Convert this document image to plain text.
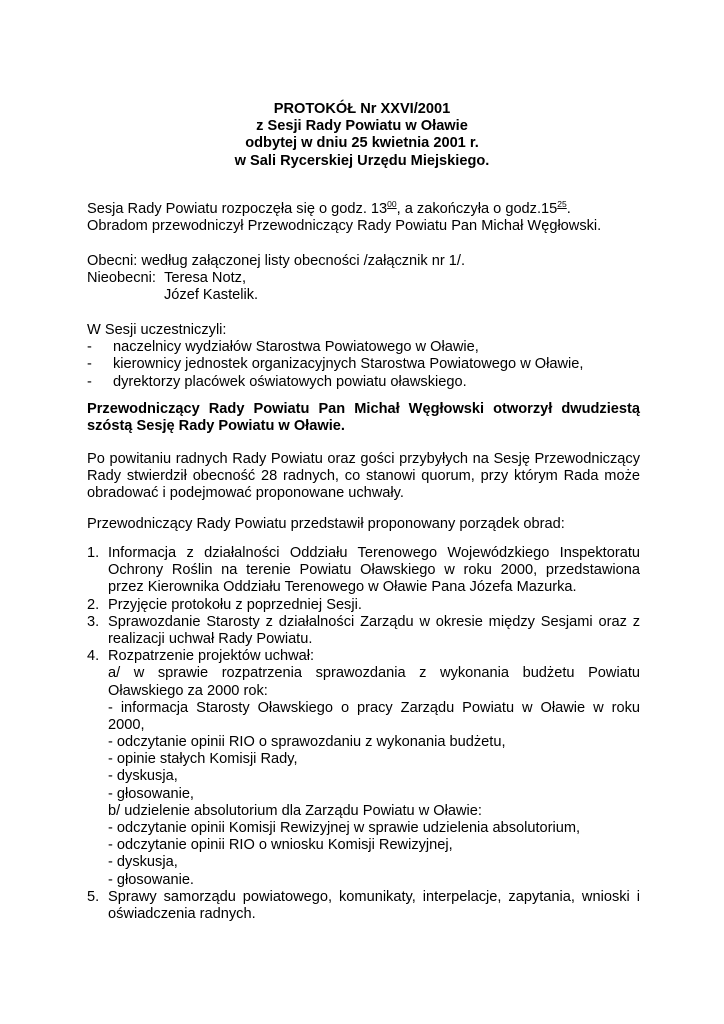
PROTOKÓŁ Nr XXVI/2001
z Sesji Rady Powiatu w Oławie
odbytej w dniu 25 kwietnia 2001 r.
w Sali Rycerskiej Urzędu Miejskiego.
Sesja Rady Powiatu rozpoczęła się o godz. $13^{00}$, a zakończyła o $godz.15^{25}$.
Obradom przewodniczył Przewodniczący Rady Powiatu Pan Michał Węgłowski.
Obecni: według załączonej listy obecności /załącznik nr 1/.
Nieobecni: Teresa Notz,
Józef Kastelik.
W Sesji uczestniczyli:
- naczelnicy wydziałów Starostwa Powiatowego w Oławie,
- kierownicy jednostek organizacyjnych Starostwa Powiatowego w Oławie,
- dyrektorzy placówek oświatowych powiatu oławskiego.
Przewodniczący Rady Powiatu Pan Michał Węgłowski otworzył dwudziestą
szóstą Sesję Rady Powiatu w Oławie.
Po powitaniu radnych Rady Powiatu oraz gości przybyłych na Sesję Przewodniczący
Rady stwierdził obecność 28 radnych, co stanowi quorum, przy którym Rada może
obradować i podejmować proponowane uchwały.
Przewodniczący Rady Powiatu przedstawił proponowany porządek obrad:
1. Informacja z działalności Oddziału Terenowego Wojewódzkiego Inspektoratu
Ochrony Roślin na terenie Powiatu Oławskiego w roku 2000, przedstawiona
przez Kierownika Oddziału Terenowego w Oławie Pana Józefa Mazurka.
2. Przyjęcie protokołu z poprzedniej Sesji.
3. Sprawozdanie Starosty z działalności Zarządu w okresie między Sesjami oraz z
realizacji uchwał Rady Powiatu.
4. Rozpatrzenie projektów uchwał:
a/ w sprawie rozpatrzenia sprawozdania z wykonania budżetu Powiatu
Oławskiego za 2000 rok:
- informacja Starosty Oławskiego o pracy Zarządu Powiatu w Oławie w roku
2000,
- odczytanie opinii RIO o sprawozdaniu z wykonania budżetu,
- opinie stałych Komisji Rady,
- dyskusja,
- głosowanie,
b/ udzielenie absolutorium dla Zarządu Powiatu w Oławie:
- odczytanie opinii Komisji Rewizyjnej w sprawie udzielenia absolutorium,
- odczytanie opinii RIO o wniosku Komisji Rewizyjnej,
- dyskusja,
- głosowanie.
5. Sprawy samorządu powiatowego, komunikaty, interpelacje, zapytania, wnioski i
oświadczenia radnych.
